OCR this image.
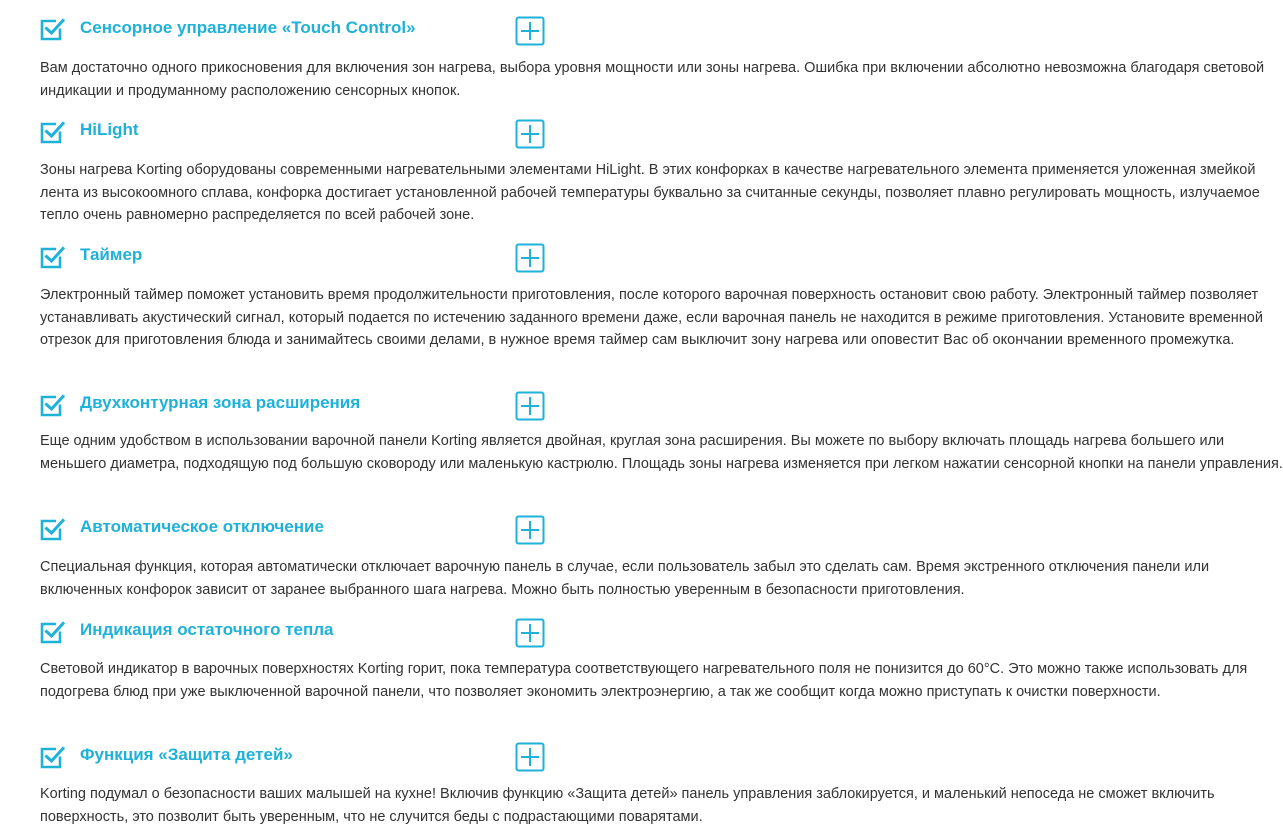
Сенсорное управление «Touch Control»

Вам достаточно одного прикосновения для включения зон нагрева, выбора уровня мощности или зоны нагрева. Ошибка при включении абсолютно невозможна благодаря световой индикации и продуманному расположению сенсорных кнопок.

HiLight

Зоны нагрева Korting оборудованы современными нагревательными элементами HiLight. В этих конфорках в качестве нагревательного элемента применяется уложенная змейкой лента из высокоомного сплава, конфорка достигает установленной рабочей температуры буквально за считанные секунды, позволяет плавно регулировать мощность, излучаемое тепло очень равномерно распределяется по всей рабочей зоне.

Таймер

Электронный таймер поможет установить время продолжительности приготовления, после которого варочная поверхность остановит свою работу. Электронный таймер позволяет устанавливать акустический сигнал, который подается по истечению заданного времени даже, если варочная панель не находится в режиме приготовления. Установите временной отрезок для приготовления блюда и занимайтесь своими делами, в нужное время таймер сам выключит зону нагрева или оповестит Вас об окончании временного промежутка.

Двухконтурная зона расширения

Еще одним удобством в использовании варочной панели Korting является двойная, круглая зона расширения. Вы можете по выбору включать площадь нагрева большего или меньшего диаметра, подходящую под большую сковороду или маленькую кастрюлю. Площадь зоны нагрева изменяется при легком нажатии сенсорной кнопки на панели управления.

Автоматическое отключение

Специальная функция, которая автоматически отключает варочную панель в случае, если пользователь забыл это сделать сам. Время экстренного отключения панели или включенных конфорок зависит от заранее выбранного шага нагрева. Можно быть полностью уверенным в безопасности приготовления.

Индикация остаточного тепла

Световой индикатор в варочных поверхностях Korting горит, пока температура соответствующего нагревательного поля не понизится до 60°C. Это можно также использовать для подогрева блюд при уже выключенной варочной панели, что позволяет экономить электроэнергию, а так же сообщит когда можно приступать к очистки поверхности.

Функция «Защита детей»

Korting подумал о безопасности ваших малышей на кухне! Включив функцию «Защита детей» панель управления заблокируется, и маленький непоседа не сможет включить поверхность, это позволит быть уверенным, что не случится беды с подрастающими поварятами.
